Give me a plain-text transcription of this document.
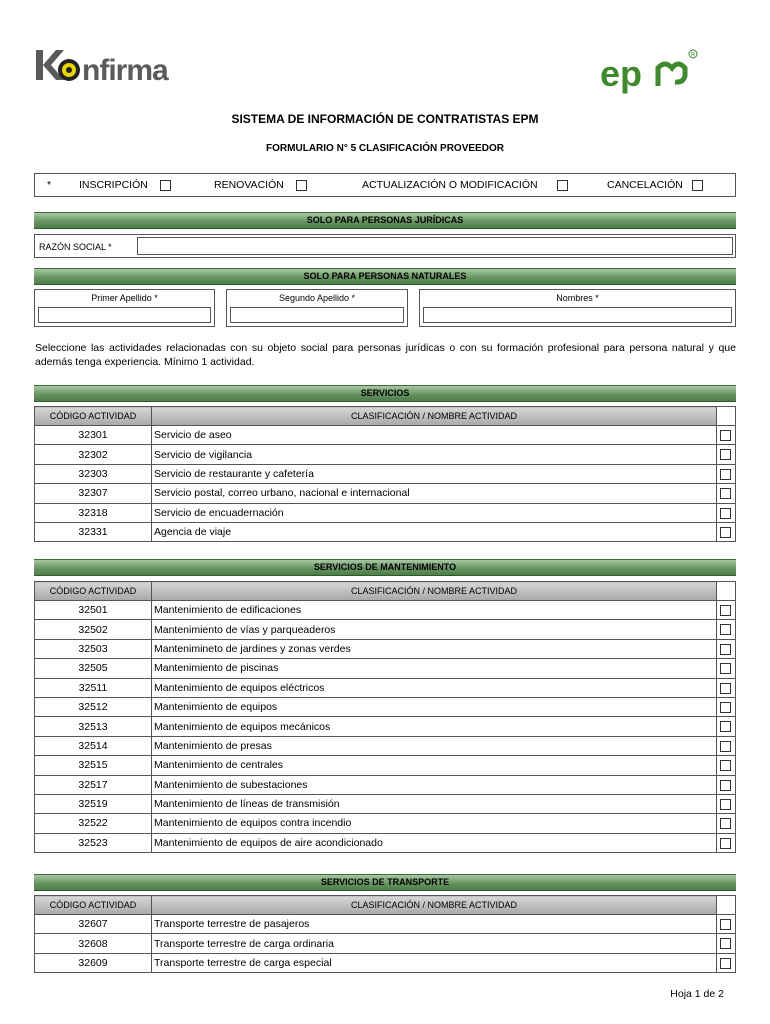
nfirma	ep	R
SISTEMA DE INFORMACIÓN DE CONTRATISTAS EPM
FORMULARIO N° 5 CLASIFICACIÓN PROVEEDOR
*	INSCRIPCIÓN	RENOVACIÓN	ACTUALIZACIÓN O MODIFICACIÓN	CANCELACIÓN
SOLO PARA PERSONAS JURÍDICAS
RAZÓN SOCIAL *
SOLO PARA PERSONAS NATURALES
Primer Apellido *	Segundo Apellido *	Nombres *
Seleccione las actividades relacionadas con su objeto social para personas jurídicas o con su formación profesional para persona natural y que además tenga experiencia. Mínimo 1 actividad.
SERVICIOS
CÓDIGO ACTIVIDAD	CLASIFICACIÓN / NOMBRE ACTIVIDAD	
32301	Servicio de aseo	

32302	Servicio de vigilancia	

32303	Servicio de restaurante y cafetería	

32307	Servicio postal, correo urbano, nacional e internacional	

32318	Servicio de encuadernación	

32331	Agencia de viaje	
SERVICIOS DE MANTENIMIENTO
CÓDIGO ACTIVIDAD	CLASIFICACIÓN / NOMBRE ACTIVIDAD	
32501	Mantenimiento de edificaciones	

32502	Mantenimiento de vías y parqueaderos	

32503	Mantenimineto de jardines y zonas verdes	

32505	Mantenimiento de piscinas	

32511	Mantenimiento de equipos eléctricos	

32512	Mantenimiento de equipos	

32513	Mantenimiento de equipos mecánicos	

32514	Mantenimiento de presas	

32515	Mantenimiento de centrales	

32517	Mantenimiento de subestaciones	

32519	Mantenimiento de líneas de transmisión	

32522	Mantenimiento de equipos contra incendio	

32523	Mantenimiento de equipos de aire acondicionado	
SERVICIOS DE TRANSPORTE
CÓDIGO ACTIVIDAD	CLASIFICACIÓN / NOMBRE ACTIVIDAD	
32607	Transporte terrestre de pasajeros	

32608	Transporte terrestre de carga ordinaria	

32609	Transporte terrestre de carga especial	
Hoja 1 de 2
